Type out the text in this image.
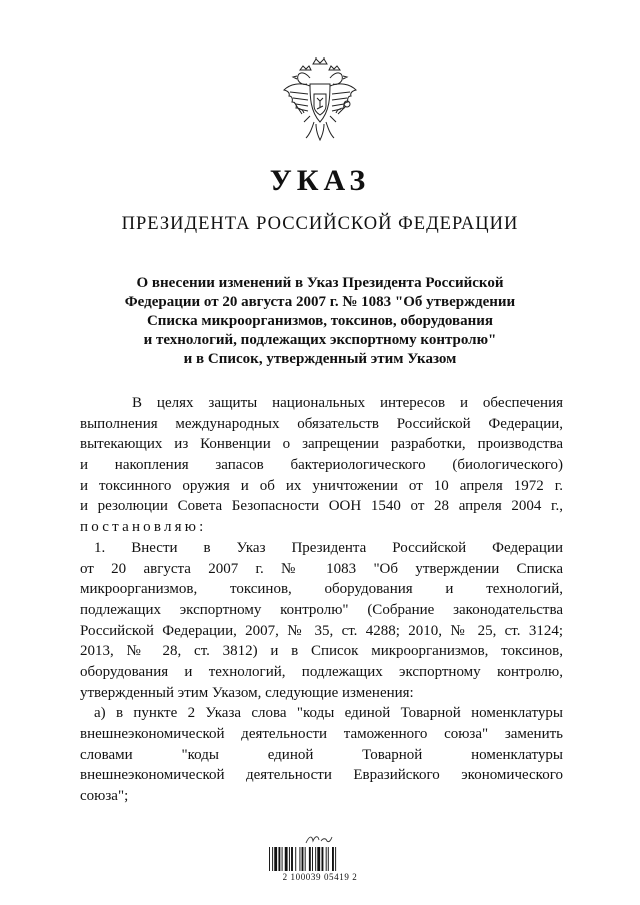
УКАЗ
ПРЕЗИДЕНТА РОССИЙСКОЙ ФЕДЕРАЦИИ
О внесении изменений в Указ Президента Российской
Федерации от 20 августа 2007 г. № 1083 "Об утверждении
Списка микроорганизмов, токсинов, оборудования
и технологий, подлежащих экспортному контролю"
и в Список, утвержденный этим Указом
В целях защиты национальных интересов и обеспечения
выполнения международных обязательств Российской Федерации,
вытекающих из Конвенции о запрещении разработки, производства
и накопления запасов бактериологического (биологического)
и токсинного оружия и об их уничтожении от 10 апреля 1972 г.
и резолюции Совета Безопасности ООН 1540 от 28 апреля 2004 г.,
постановляю:
1. Внести в Указ Президента Российской Федерации
от 20 августа 2007 г. № 1083 "Об утверждении Списка
микроорганизмов, токсинов, оборудования и технологий,
подлежащих экспортному контролю" (Собрание законодательства
Российской Федерации, 2007, № 35, ст. 4288; 2010, № 25, ст. 3124;
2013, № 28, ст. 3812) и в Список микроорганизмов, токсинов,
оборудования и технологий, подлежащих экспортному контролю,
утвержденный этим Указом, следующие изменения:
а) в пункте 2 Указа слова "коды единой Товарной номенклатуры
внешнеэкономической деятельности таможенного союза" заменить
словами "коды единой Товарной номенклатуры
внешнеэкономической деятельности Евразийского экономического
союза";
2 100039 05419 2
